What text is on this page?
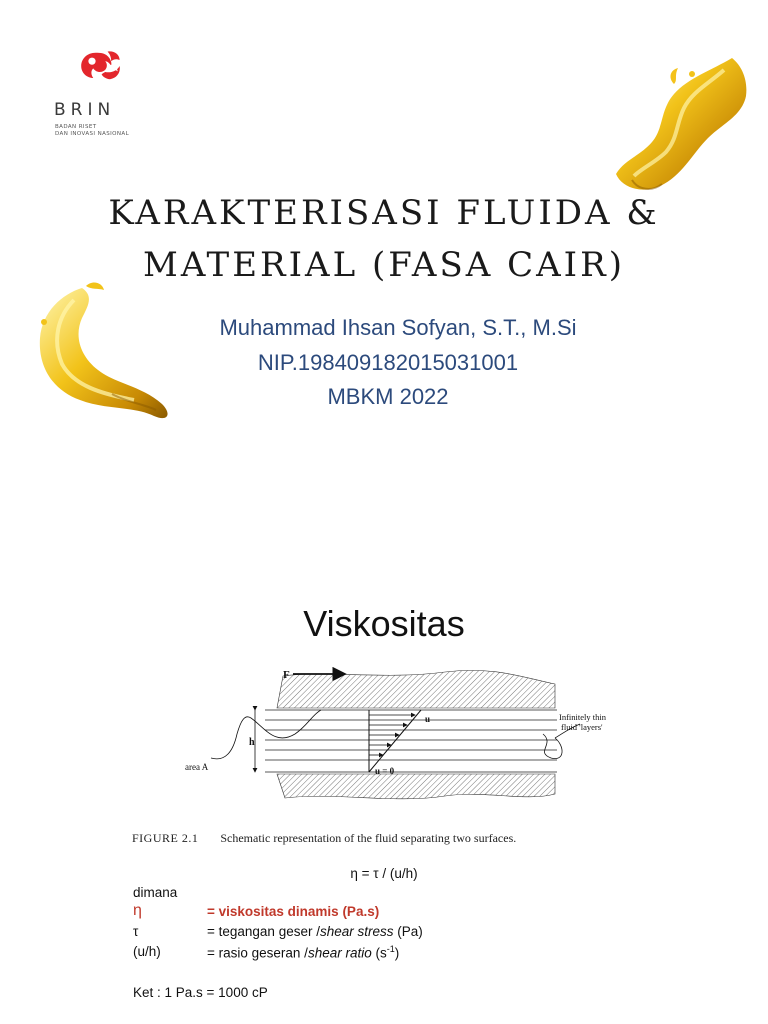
BRIN
BADAN RISET
DAN INOVASI NASIONAL
KARAKTERISASI FLUIDA &
MATERIAL (FASA CAIR)
Muhammad Ihsan Sofyan, S.T., M.Si
NIP.198409182015031001
MBKM 2022
Viskositas
F
h
area A
u
u = 0
Infinitely thin
fluid 'layers'
FIGURE 2.1 Schematic representation of the fluid separating two surfaces.
η = τ / (u/h)
dimana
η	= viskositas dinamis (Pa.s)
τ	= tegangan geser /shear stress (Pa)
(u/h)	= rasio geseran /shear ratio $(s^{-1})$
Ket : 1 Pa.s = 1000 cP
